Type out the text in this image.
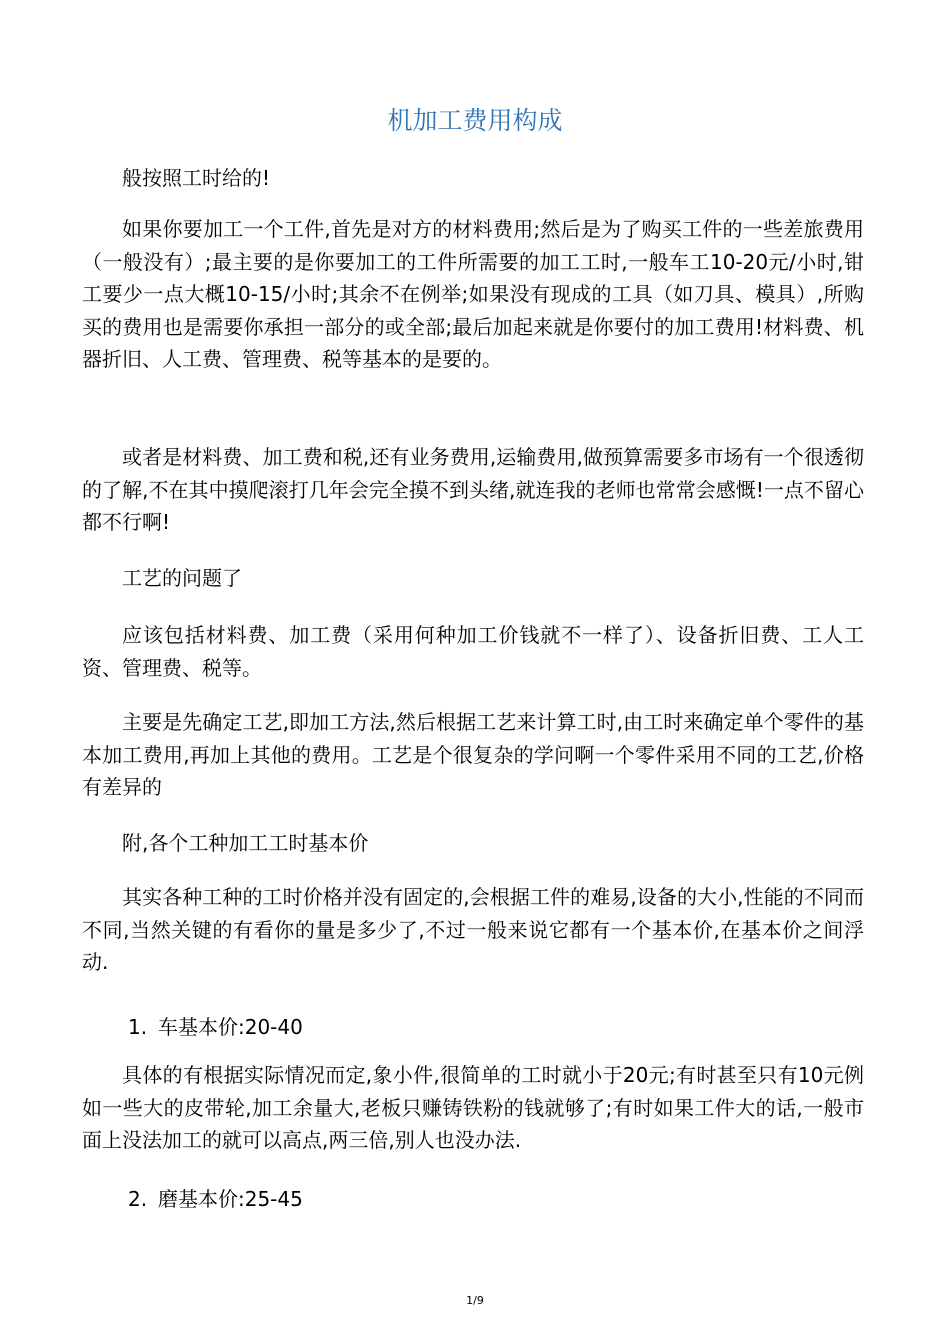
机加工费用构成

般按照工时给的!

如果你要加工一个工件,首先是对方的材料费用;然后是为了购买工件的一些差旅费用（一般没有）;最主要的是你要加工的工件所需要的加工工时,一般车工10-20元/小时,钳工要少一点大概10-15/小时;其余不在例举;如果没有现成的工具（如刀具、模具）,所购买的费用也是需要你承担一部分的或全部;最后加起来就是你要付的加工费用!材料费、机器折旧、人工费、管理费、税等基本的是要的。

或者是材料费、加工费和税,还有业务费用,运输费用,做预算需要多市场有一个很透彻的了解,不在其中摸爬滚打几年会完全摸不到头绪,就连我的老师也常常会感慨!一点不留心都不行啊!

工艺的问题了

应该包括材料费、加工费（采用何种加工价钱就不一样了）、设备折旧费、工人工资、管理费、税等。

主要是先确定工艺,即加工方法,然后根据工艺来计算工时,由工时来确定单个零件的基本加工费用,再加上其他的费用。工艺是个很复杂的学问啊一个零件采用不同的工艺,价格有差异的

附,各个工种加工工时基本价

其实各种工种的工时价格并没有固定的,会根据工件的难易,设备的大小,性能的不同而不同,当然关键的有看你的量是多少了,不过一般来说它都有一个基本价,在基本价之间浮动.

1. 车基本价:20-40

具体的有根据实际情况而定,象小件,很简单的工时就小于20元;有时甚至只有10元例如一些大的皮带轮,加工余量大,老板只赚铸铁粉的钱就够了;有时如果工件大的话,一般市面上没法加工的就可以高点,两三倍,别人也没办法.

2. 磨基本价:25-45

1/9
